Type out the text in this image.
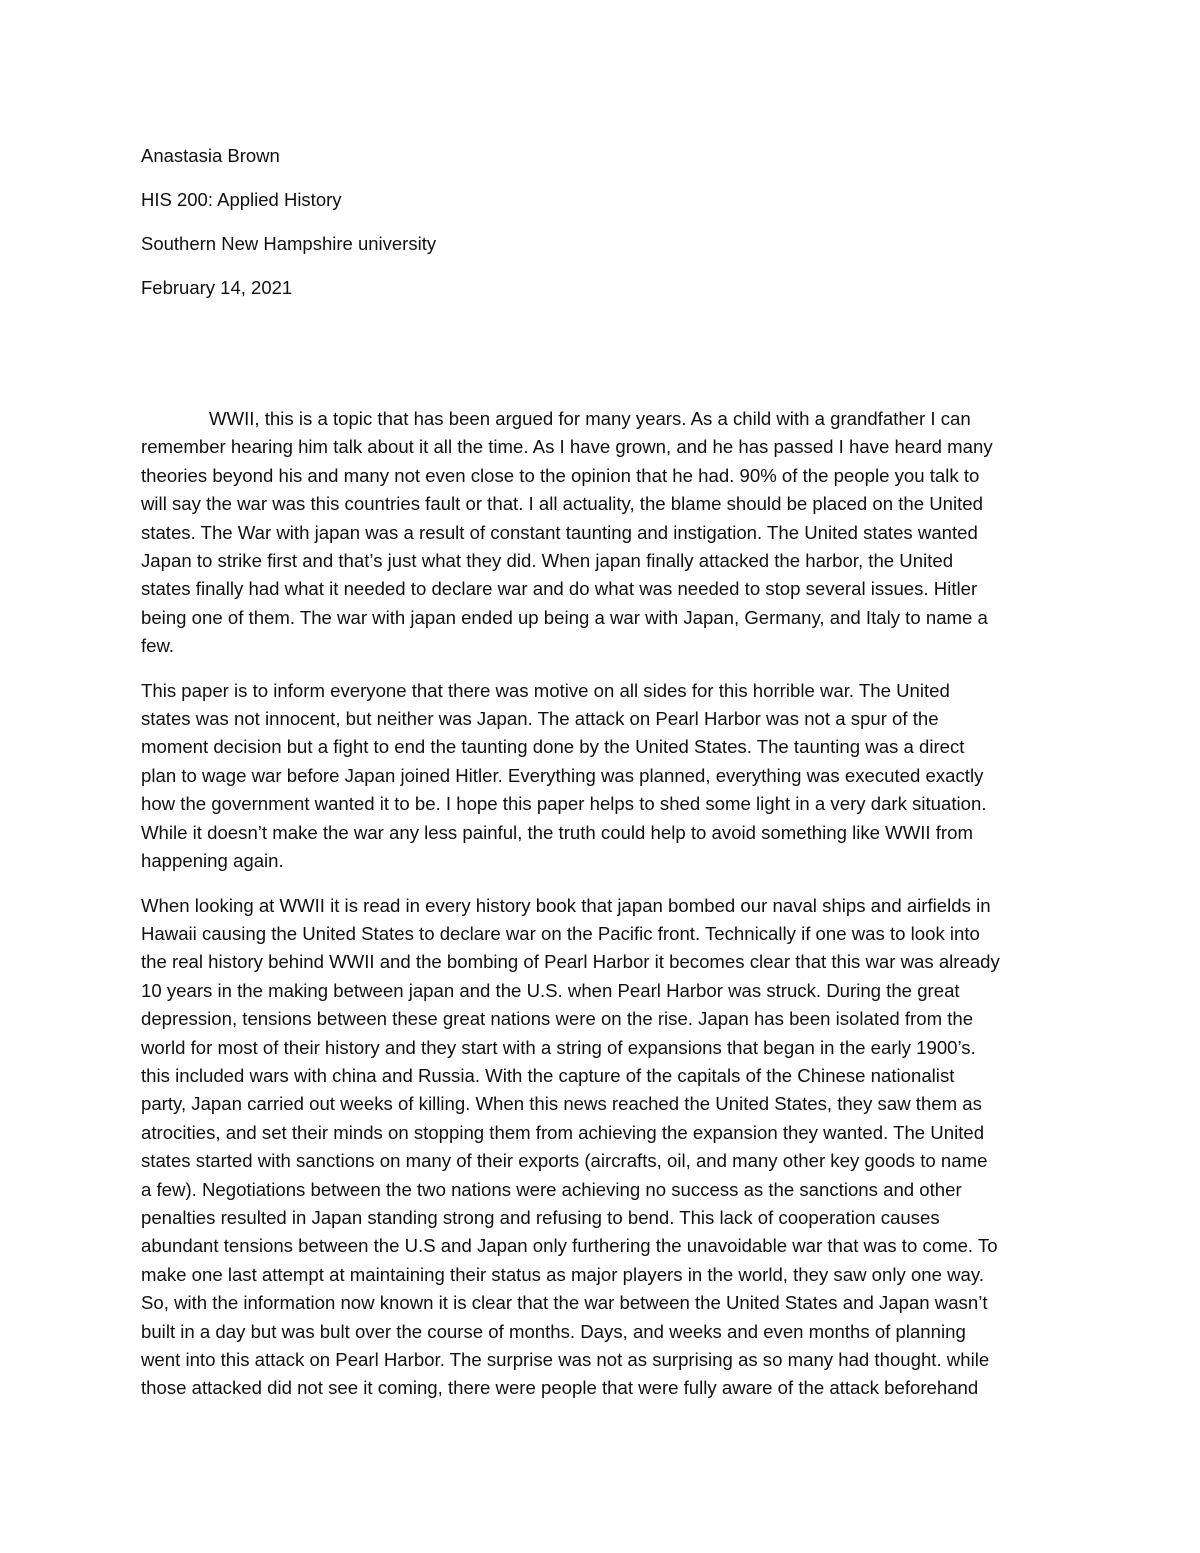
Anastasia Brown
HIS 200: Applied History
Southern New Hampshire university
February 14, 2021
WWII, this is a topic that has been argued for many years. As a child with a grandfather I can
remember hearing him talk about it all the time. As I have grown, and he has passed I have heard many
theories beyond his and many not even close to the opinion that he had. 90% of the people you talk to
will say the war was this countries fault or that. I all actuality, the blame should be placed on the United
states. The War with japan was a result of constant taunting and instigation. The United states wanted
Japan to strike first and that’s just what they did. When japan finally attacked the harbor, the United
states finally had what it needed to declare war and do what was needed to stop several issues. Hitler
being one of them. The war with japan ended up being a war with Japan, Germany, and Italy to name a
few.
This paper is to inform everyone that there was motive on all sides for this horrible war. The United
states was not innocent, but neither was Japan. The attack on Pearl Harbor was not a spur of the
moment decision but a fight to end the taunting done by the United States. The taunting was a direct
plan to wage war before Japan joined Hitler. Everything was planned, everything was executed exactly
how the government wanted it to be. I hope this paper helps to shed some light in a very dark situation.
While it doesn’t make the war any less painful, the truth could help to avoid something like WWII from
happening again.
When looking at WWII it is read in every history book that japan bombed our naval ships and airfields in
Hawaii causing the United States to declare war on the Pacific front. Technically if one was to look into
the real history behind WWII and the bombing of Pearl Harbor it becomes clear that this war was already
10 years in the making between japan and the U.S. when Pearl Harbor was struck. During the great
depression, tensions between these great nations were on the rise. Japan has been isolated from the
world for most of their history and they start with a string of expansions that began in the early 1900’s.
this included wars with china and Russia. With the capture of the capitals of the Chinese nationalist
party, Japan carried out weeks of killing. When this news reached the United States, they saw them as
atrocities, and set their minds on stopping them from achieving the expansion they wanted. The United
states started with sanctions on many of their exports (aircrafts, oil, and many other key goods to name
a few). Negotiations between the two nations were achieving no success as the sanctions and other
penalties resulted in Japan standing strong and refusing to bend. This lack of cooperation causes
abundant tensions between the U.S and Japan only furthering the unavoidable war that was to come. To
make one last attempt at maintaining their status as major players in the world, they saw only one way.
So, with the information now known it is clear that the war between the United States and Japan wasn’t
built in a day but was bult over the course of months. Days, and weeks and even months of planning
went into this attack on Pearl Harbor. The surprise was not as surprising as so many had thought. while
those attacked did not see it coming, there were people that were fully aware of the attack beforehand
